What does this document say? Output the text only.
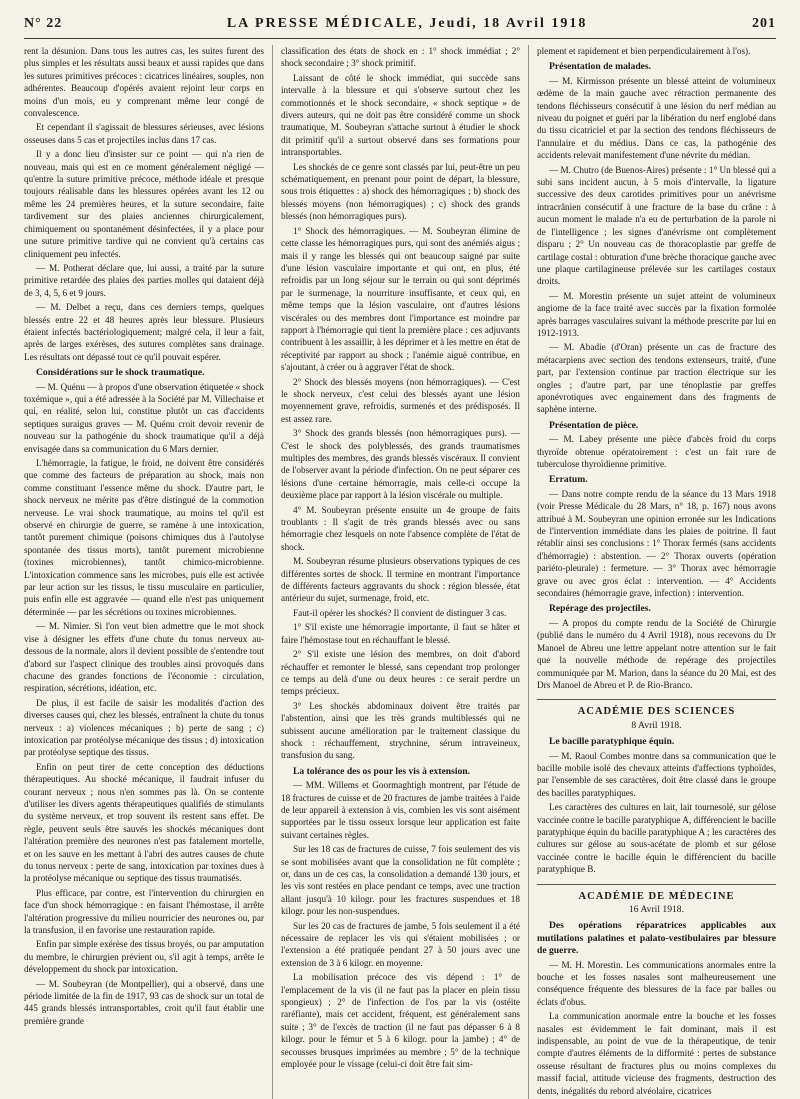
N° 22	LA PRESSE MÉDICALE, Jeudi, 18 Avril 1918	201

rent la désunion. Dans tous les autres cas, les suites furent des plus simples et les résultats aussi beaux et aussi rapides que dans les sutures primitives précoces : cicatrices linéaires, souples, non adhérentes. Beaucoup d'opérés avaient rejoint leur corps en moins d'un mois, eu y comprenant même leur congé de convalescence.

Et cependant il s'agissait de blessures sérieuses, avec lésions osseuses dans 5 cas et projectiles inclus dans 17 cas.

Il y a donc lieu d'insister sur ce point — qui n'a rien de nouveau, mais qui est en ce moment généralement négligé — qu'entre la suture primitive précoce, méthode idéale et presque toujours réalisable dans les blessures opérées avant les 12 ou même les 24 premières heures, et la suture secondaire, faite tardivement sur des plaies anciennes chirurgicalement, chimiquement ou spontanément désinfectées, il y a place pour une suture primitive tardive qui ne convient qu'à certains cas cliniquement peu infectés.

— M. Potherat déclare que, lui aussi, a traité par la suture primitive retardée des plaies des parties molles qui dataient déjà de 3, 4, 5, 6 et 9 jours.

— M. Delbet a reçu, dans ces derniers temps, quelques blessés entre 22 et 48 heures après leur blessure. Plusieurs étaient infectés bactériologiquement; malgré cela, il leur a fait, après de larges exérèses, des sutures complètes sans drainage. Les résultats ont dépassé tout ce qu'il pouvait espérer.

Considérations sur le shock traumatique.

— M. Quénu — à propos d'une observation étiquetée « shock toxémique », qui a été adressée à la Société par M. Villechaise et qui, en réalité, selon lui, constitue plutôt un cas d'accidents septiques suraigus graves — M. Quénu croit devoir revenir de nouveau sur la pathogénie du shock traumatique qu'il a déjà envisagée dans sa communication du 6 Mars dernier.

L'hémorragie, la fatigue, le froid, ne doivent être considérés que comme des facteurs de préparation au shock, mais non comme constituant l'essence même du shock. D'autre part, le shock nerveux ne mérite pas d'être distingué de la commotion nerveuse. Le vrai shock traumatique, au moins tel qu'il est observé en chirurgie de guerre, se ramène à une intoxication, tantôt purement chimique (poisons chimiques dus à l'autolyse spontanée des tissus morts), tantôt purement microbienne (toxines microbiennes), tantôt chimico-microbienne. L'intoxication commence sans les microbes, puis elle est activée par leur action sur les tissus, le tissu musculaire en particulier, puis enfin elle est aggravée — quand elle n'est pas uniquement déterminée — par les sécrétions ou toxines microbiennes.

— M. Nimier. Si l'on veut bien admettre que le mot shock vise à désigner les effets d'une chute du tonus nerveux au-dessous de la normale, alors il devient possible de s'entendre tout d'abord sur l'aspect clinique des troubles ainsi provoqués dans chacune des grandes fonctions de l'économie : circulation, respiration, sécrétions, idéation, etc.

De plus, il est facile de saisir les modalités d'action des diverses causes qui, chez les blessés, entraînent la chute du tonus nerveux : a) violences mécaniques ; b) perte de sang ; c) intoxication par protéolyse mécanique des tissus ; d) intoxication par protéolyse septique des tissus.

Enfin on peut tirer de cette conception des déductions thérapeutiques. Au shocké mécanique, il faudrait infuser du courant nerveux ; nous n'en sommes pas là. On se contente d'utiliser les divers agents thérapeutiques qualifiés de stimulants du système nerveux, et trop souvent ils restent sans effet. De règle, peuvent seuls être sauvés les shockés mécaniques dont l'altération première des neurones n'est pas fatalement mortelle, et on les sauve en les mettant à l'abri des autres causes de chute du tonus nerveux : perte de sang, intoxication par toxines dues à la protéolyse mécanique ou septique des tissus traumatisés.

Plus efficace, par contre, est l'intervention du chirurgien en face d'un shock hémorragique : en faisant l'hémostase, il arrête l'altération progressive du milieu nourricier des neurones ou, par la transfusion, il en favorise une restauration rapide.

Enfin par simple exérèse des tissus broyés, ou par amputation du membre, le chirurgien prévient ou, s'il agit à temps, arrête le développement du shock par intoxication.

— M. Soubeyran (de Montpellier), qui a observé, dans une période limitée de la fin de 1917, 93 cas de shock sur un total de 445 grands blessés intransportables, croit qu'il faut établir une première grande

classification des états de shock en : 1° shock immédiat ; 2° shock secondaire ; 3° shock primitif.

Laissant de côté le shock immédiat, qui succède sans intervalle à la blessure et qui s'observe surtout chez les commotionnés et le shock secondaire, « shock septique » de divers auteurs, qui ne doit pas être considéré comme un shock traumatique, M. Soubeyran s'attache surtout à étudier le shock dit primitif qu'il a surtout observé dans ses formations pour intransportables.

Les shockés de ce genre sont classés par lui, peut-être un peu schématiquement, en prenant pour point de départ, la blessure, sous trois étiquettes : a) shock des hémorragiques ; b) shock des blessés moyens (non hémorragiques) ; c) shock des grands blessés (non hémorragiques purs).

1° Shock des hémorragiques. — M. Soubeyran élimine de cette classe les hémorragiques purs, qui sont des anémiés aigus ; mais il y range les blessés qui ont beaucoup saigné par suite d'une lésion vasculaire importante et qui ont, en plus, été refroidis par un long séjour sur le terrain ou qui sont déprimés par le surmenage, la nourriture insuffisante, et ceux qui, en même temps que la lésion vasculaire, ont d'autres lésions viscérales ou des membres dont l'importance est moindre par rapport à l'hémorragie qui tient la première place : ces adjuvants contribuent à les assaillir, à les déprimer et à les mettre en état de réceptivité par rapport au shock ; l'anémie aiguë contribue, en s'ajoutant, à créer ou à aggraver l'état de shock.

2° Shock des blessés moyens (non hémorragiques). — C'est le shock nerveux, c'est celui des blessés ayant une lésion moyennement grave, refroidis, surmenés et des prédisposés. Il est assez rare.

3° Shock des grands blessés (non hémorragiques purs). — C'est le shock des polyblessés, des grands traumatismes multiples des membres, des grands blessés viscéraux. Il convient de l'observer avant la période d'infection. On ne peut séparer ces lésions d'une certaine hémorragie, mais celle-ci occupe la deuxième place par rapport à la lésion viscérale ou multiple.

4° M. Soubeyran présente ensuite un 4e groupe de faits troublants : Il s'agit de très grands blessés avec ou sans hémorragie chez lesquels on note l'absence complète de l'état de shock.

M. Soubeyran résume plusieurs observations typiques de ces différentes sortes de shock. Il termine en montrant l'importance de différents facteurs aggravants du shock : région blessée, état antérieur du sujet, surmenage, froid, etc.

Faut-il opérer les shockés? Il convient de distinguer 3 cas.

1° S'il existe une hémorragie importante, il faut se hâter et faire l'hémostase tout en réchauffant le blessé.

2° S'il existe une lésion des membres, on doit d'abord réchauffer et remonter le blessé, sans cependant trop prolonger ce temps au delà d'une ou deux heures : ce serait perdre un temps précieux.

3° Les shockés abdominaux doivent être traités par l'abstention, ainsi que les très grands multiblessés qui ne subissent aucune amélioration par le traitement classique du shock : réchauffement, strychnine, sérum intraveineux, transfusion du sang.

La tolérance des os pour les vis à extension.

— MM. Willems et Goormaghtigh montrent, par l'étude de 18 fractures de cuisse et de 20 fractures de jambe traitées à l'aide de leur appareil à extension à vis, combien les vis sont aisément supportées par le tissu osseux lorsque leur application est faite suivant certaines règles.

Sur les 18 cas de fractures de cuisse, 7 fois seulement des vis se sont mobilisées avant que la consolidation ne fût complète ; or, dans un de ces cas, la consolidation a demandé 130 jours, et les vis sont restées en place pendant ce temps, avec une traction allant jusqu'à 10 kilogr. pour les fractures suspendues et 18 kilogr. pour les non-suspendues.

Sur les 20 cas de fractures de jambe, 5 fois seulement il a été nécessaire de replacer les vis qui s'étaient mobilisées ; or l'extension a été pratiquée pendant 27 à 50 jours avec une extension de 3 à 6 kilogr. en moyenne.

La mobilisation précoce des vis dépend : 1° de l'emplacement de la vis (il ne faut pas la placer en plein tissu spongieux) ; 2° de l'infection de l'os par la vis (ostéite raréfiante), mais cet accident, fréquent, est généralement sans suite ; 3° de l'excès de traction (il ne faut pas dépasser 6 à 8 kilogr. pour le fémur et 5 à 6 kilogr. pour la jambe) ; 4° de secousses brusques imprimées au membre ; 5° de la technique employée pour le vissage (celui-ci doit être fait sim-

plement et rapidement et bien perpendiculairement à l'os).

Présentation de malades.

— M. Kirmisson présente un blessé atteint de volumineux œdème de la main gauche avec rétraction permanente des tendons fléchisseurs consécutif à une lésion du nerf médian au niveau du poignet et guéri par la libération du nerf englobé dans du tissu cicatriciel et par la section des tendons fléchisseurs de l'annulaire et du médius. Dans ce cas, la pathogénie des accidents relevait manifestement d'une névrite du médian.

— M. Chutro (de Buenos-Aires) présente : 1° Un blessé qui a subi sans incident aucun, à 5 mois d'intervalle, la ligature successive des deux carotides primitives pour un anévrisme intracrânien consécutif à une fracture de la base du crâne : à aucun moment le malade n'a eu de perturbation de la parole ni de l'intelligence ; les signes d'anévrisme ont complètement disparu ; 2° Un nouveau cas de thoracoplastie par greffe de cartilage costal : obturation d'une brèche thoracique gauche avec une plaque cartilagineuse prélevée sur les cartilages costaux droits.

— M. Morestin présente un sujet atteint de volumineux angiome de la face traité avec succès par la fixation formolée après barrages vasculaires suivant la méthode prescrite par lui en 1912-1913.

— M. Abadie (d'Oran) présente un cas de fracture des métacarpiens avec section des tendons extenseurs, traité, d'une part, par l'extension continue par traction électrique sur les ongles ; d'autre part, par une ténoplastie par greffes aponévrotiques avec engainement dans des fragments de saphène interne.

Présentation de pièce.

— M. Labey présente une pièce d'abcès froid du corps thyroïde obtenue opératoirement : c'est un fait rare de tuberculose thyroïdienne primitive.

Erratum.

— Dans notre compte rendu de la séance du 13 Mars 1918 (voir Presse Médicale du 28 Mars, n° 18, p. 167) nous avons attribué à M. Soubeyran une opinion erronée sur les Indications de l'intervention immédiate dans les plaies de poitrine. Il faut rétablir ainsi ses conclusions : 1° Thorax fermés (sans accidents d'hémorragie) : abstention. — 2° Thorax ouverts (opération pariéto-pleurale) : fermeture. — 3° Thorax avec hémorragie grave ou avec gros éclat : intervention. — 4° Accidents secondaires (hémorragie grave, infection) : intervention.

Repérage des projectiles.

— A propos du compte rendu de la Société de Chirurgie (publié dans le numéro du 4 Avril 1918), nous recevons du Dr Manoel de Abreu une lettre appelant notre attention sur le fait que la nouvelle méthode de repérage des projectiles communiquée par M. Marion, dans la séance du 20 Mai, est des Drs Manoel de Abreu et P. de Rio-Branco.

ACADÉMIE DES SCIENCES
8 Avril 1918.
Le bacille paratyphique équin.

— M. Raoul Combes montre dans sa communication que le bacille mobile isolé des chevaux atteints d'affections typhoïdes, par l'ensemble de ses caractères, doit être classé dans le groupe des bacilles paratyphiques.

Les caractères des cultures en lait, lait tournesolé, sur gélose vaccinée contre le bacille paratyphique A, différencient le bacille paratyphique équin du bacille paratyphique A ; les caractères des cultures sur gélose au sous-acétate de plomb et sur gélose vaccinée contre le bacille équin le différencient du bacille paratyphique B.

ACADÉMIE DE MÉDECINE
16 Avril 1918.
Des opérations réparatrices applicables aux mutilations palatines et palato-vestibulaires par blessure de guerre.

— M. H. Morestin. Les communications anormales entre la bouche et les fosses nasales sont malheureusement une conséquence fréquente des blessures de la face par balles ou éclats d'obus.

La communication anormale entre la bouche et les fosses nasales est évidemment le fait dominant, mais il est indispensable, au point de vue de la thérapeutique, de tenir compte d'autres éléments de la difformité : pertes de substance osseuse résultant de fractures plus ou moins complexes du massif facial, attitude vicieuse des fragments, destruction des dents, inégalités du rebord alvéolaire, cicatrices
